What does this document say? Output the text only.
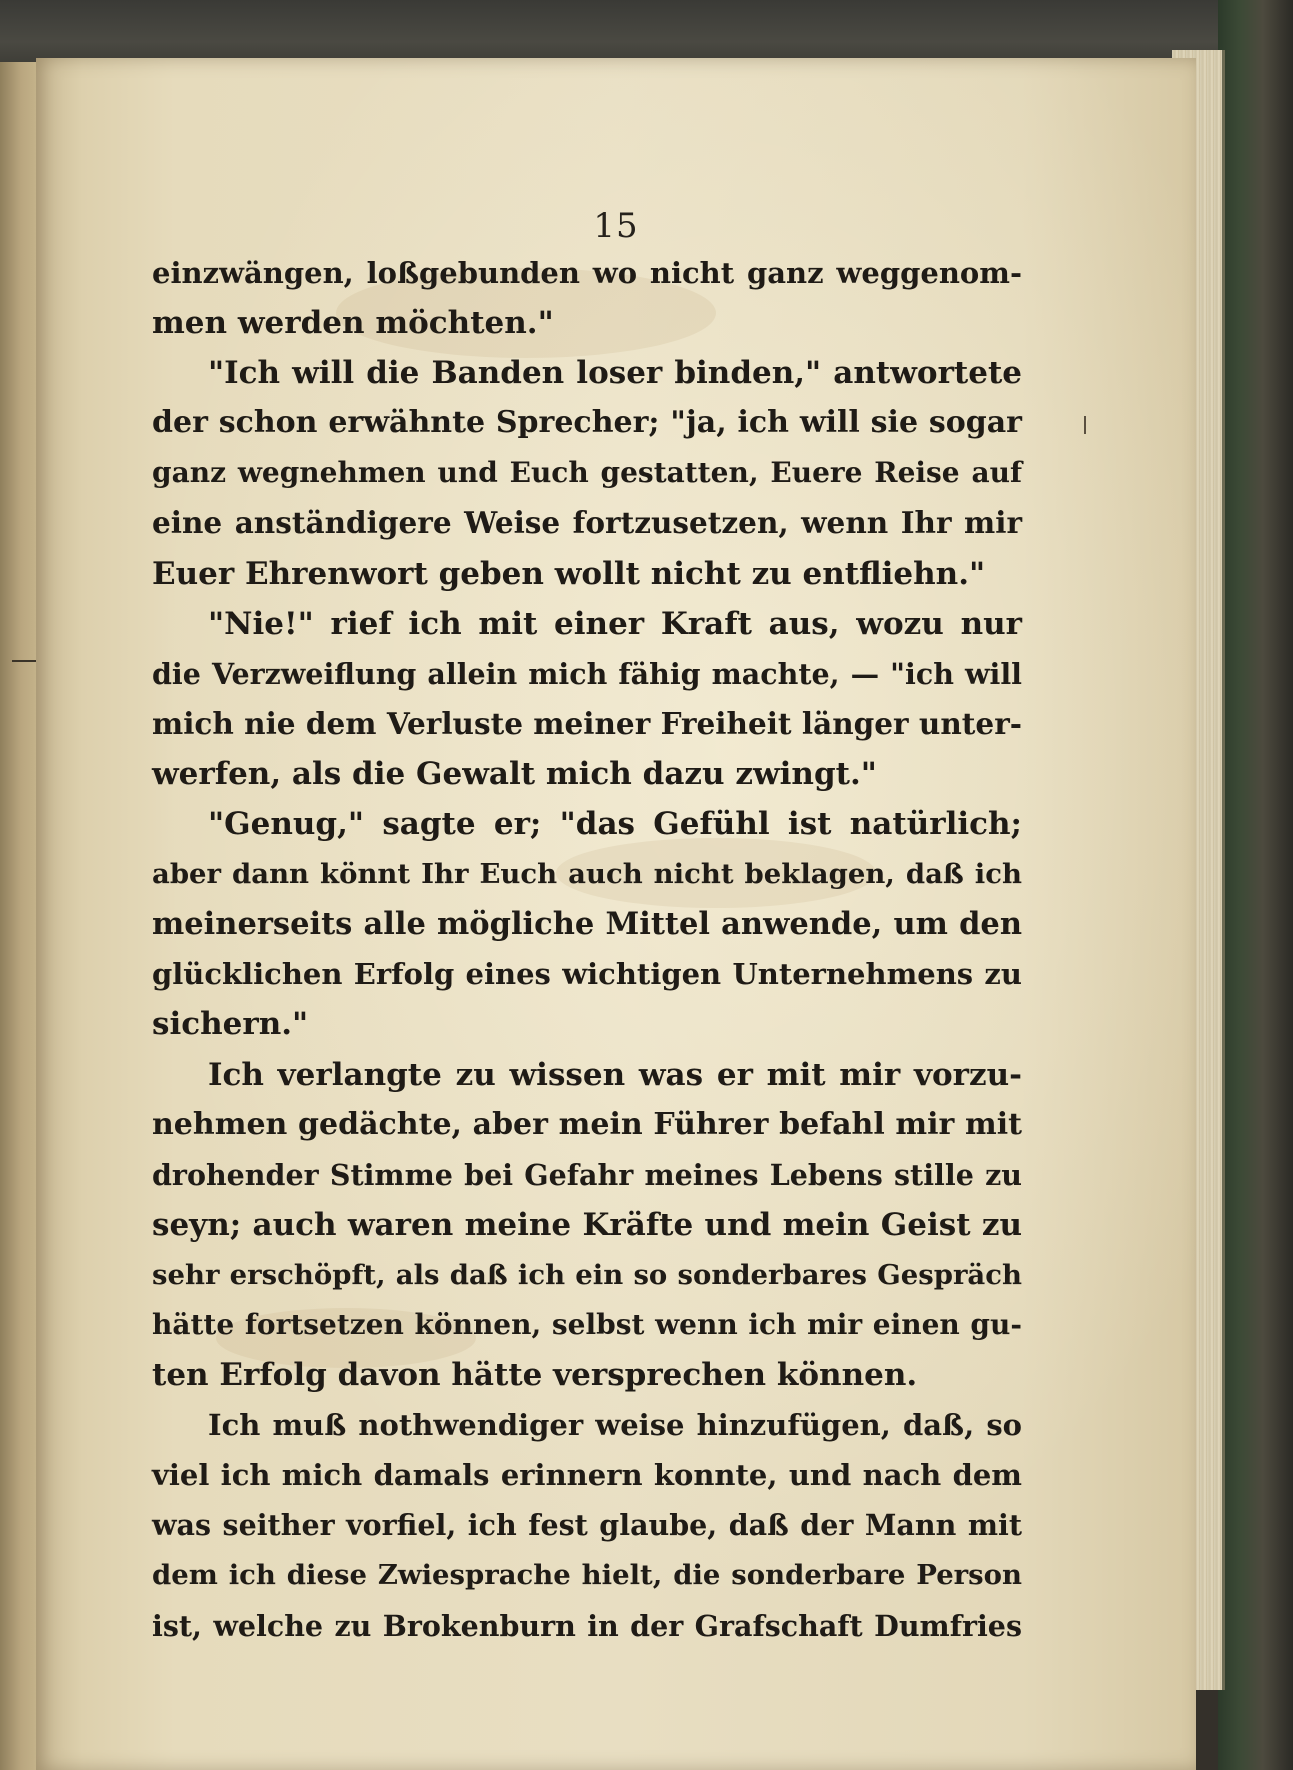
15
einzwängen, loßgebunden wo nicht ganz weggenom-
men werden möchten."
"Ich will die Banden loser binden," antwortete
der schon erwähnte Sprecher; "ja, ich will sie sogar
ganz wegnehmen und Euch gestatten, Euere Reise auf
eine anständigere Weise fortzusetzen, wenn Ihr mir
Euer Ehrenwort geben wollt nicht zu entfliehn."
"Nie!" rief ich mit einer Kraft aus, wozu nur
die Verzweiflung allein mich fähig machte, — "ich will
mich nie dem Verluste meiner Freiheit länger unter-
werfen, als die Gewalt mich dazu zwingt."
"Genug," sagte er; "das Gefühl ist natürlich;
aber dann könnt Ihr Euch auch nicht beklagen, daß ich
meinerseits alle mögliche Mittel anwende, um den
glücklichen Erfolg eines wichtigen Unternehmens zu
sichern."
Ich verlangte zu wissen was er mit mir vorzu-
nehmen gedächte, aber mein Führer befahl mir mit
drohender Stimme bei Gefahr meines Lebens stille zu
seyn; auch waren meine Kräfte und mein Geist zu
sehr erschöpft, als daß ich ein so sonderbares Gespräch
hätte fortsetzen können, selbst wenn ich mir einen gu-
ten Erfolg davon hätte versprechen können.
Ich muß nothwendiger weise hinzufügen, daß, so
viel ich mich damals erinnern konnte, und nach dem
was seither vorfiel, ich fest glaube, daß der Mann mit
dem ich diese Zwiesprache hielt, die sonderbare Person
ist, welche zu Brokenburn in der Grafschaft Dumfries
